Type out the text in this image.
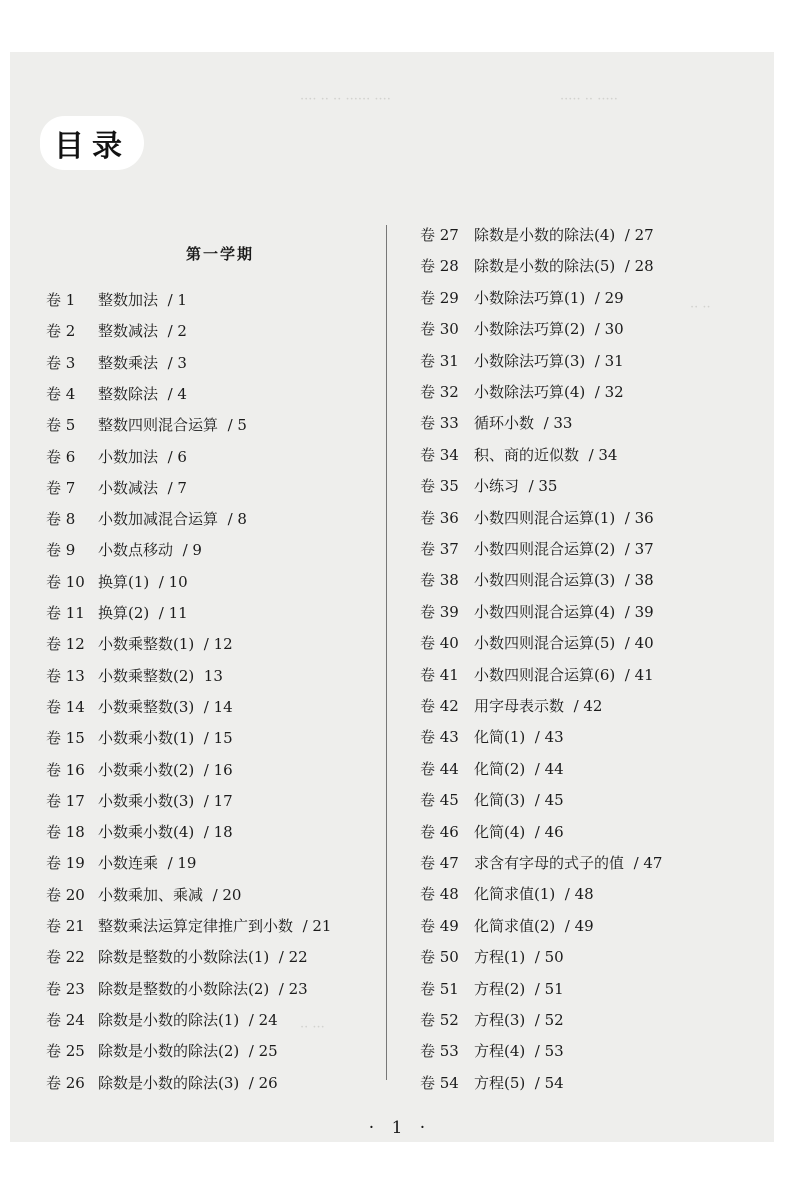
···· ·· ·· ······ ····	····· ·· ·····
·· ··
·· ···
目录
第一学期
卷 1 整数加法 / 1
卷 2 整数减法 / 2
卷 3 整数乘法 / 3
卷 4 整数除法 / 4
卷 5 整数四则混合运算 / 5
卷 6 小数加法 / 6
卷 7 小数减法 / 7
卷 8 小数加减混合运算 / 8
卷 9 小数点移动 / 9
卷 10 换算(1) / 10
卷 11 换算(2) / 11
卷 12 小数乘整数(1) / 12
卷 13 小数乘整数(2) 13
卷 14 小数乘整数(3) / 14
卷 15 小数乘小数(1) / 15
卷 16 小数乘小数(2) / 16
卷 17 小数乘小数(3) / 17
卷 18 小数乘小数(4) / 18
卷 19 小数连乘 / 19
卷 20 小数乘加、乘减 / 20
卷 21 整数乘法运算定律推广到小数 / 21
卷 22 除数是整数的小数除法(1) / 22
卷 23 除数是整数的小数除法(2) / 23
卷 24 除数是小数的除法(1) / 24
卷 25 除数是小数的除法(2) / 25
卷 26 除数是小数的除法(3) / 26
卷 27 除数是小数的除法(4) / 27
卷 28 除数是小数的除法(5) / 28
卷 29 小数除法巧算(1) / 29
卷 30 小数除法巧算(2) / 30
卷 31 小数除法巧算(3) / 31
卷 32 小数除法巧算(4) / 32
卷 33 循环小数 / 33
卷 34 积、商的近似数 / 34
卷 35 小练习 / 35
卷 36 小数四则混合运算(1) / 36
卷 37 小数四则混合运算(2) / 37
卷 38 小数四则混合运算(3) / 38
卷 39 小数四则混合运算(4) / 39
卷 40 小数四则混合运算(5) / 40
卷 41 小数四则混合运算(6) / 41
卷 42 用字母表示数 / 42
卷 43 化简(1) / 43
卷 44 化简(2) / 44
卷 45 化简(3) / 45
卷 46 化简(4) / 46
卷 47 求含有字母的式子的值 / 47
卷 48 化简求值(1) / 48
卷 49 化简求值(2) / 49
卷 50 方程(1) / 50
卷 51 方程(2) / 51
卷 52 方程(3) / 52
卷 53 方程(4) / 53
卷 54 方程(5) / 54
· 1 ·
